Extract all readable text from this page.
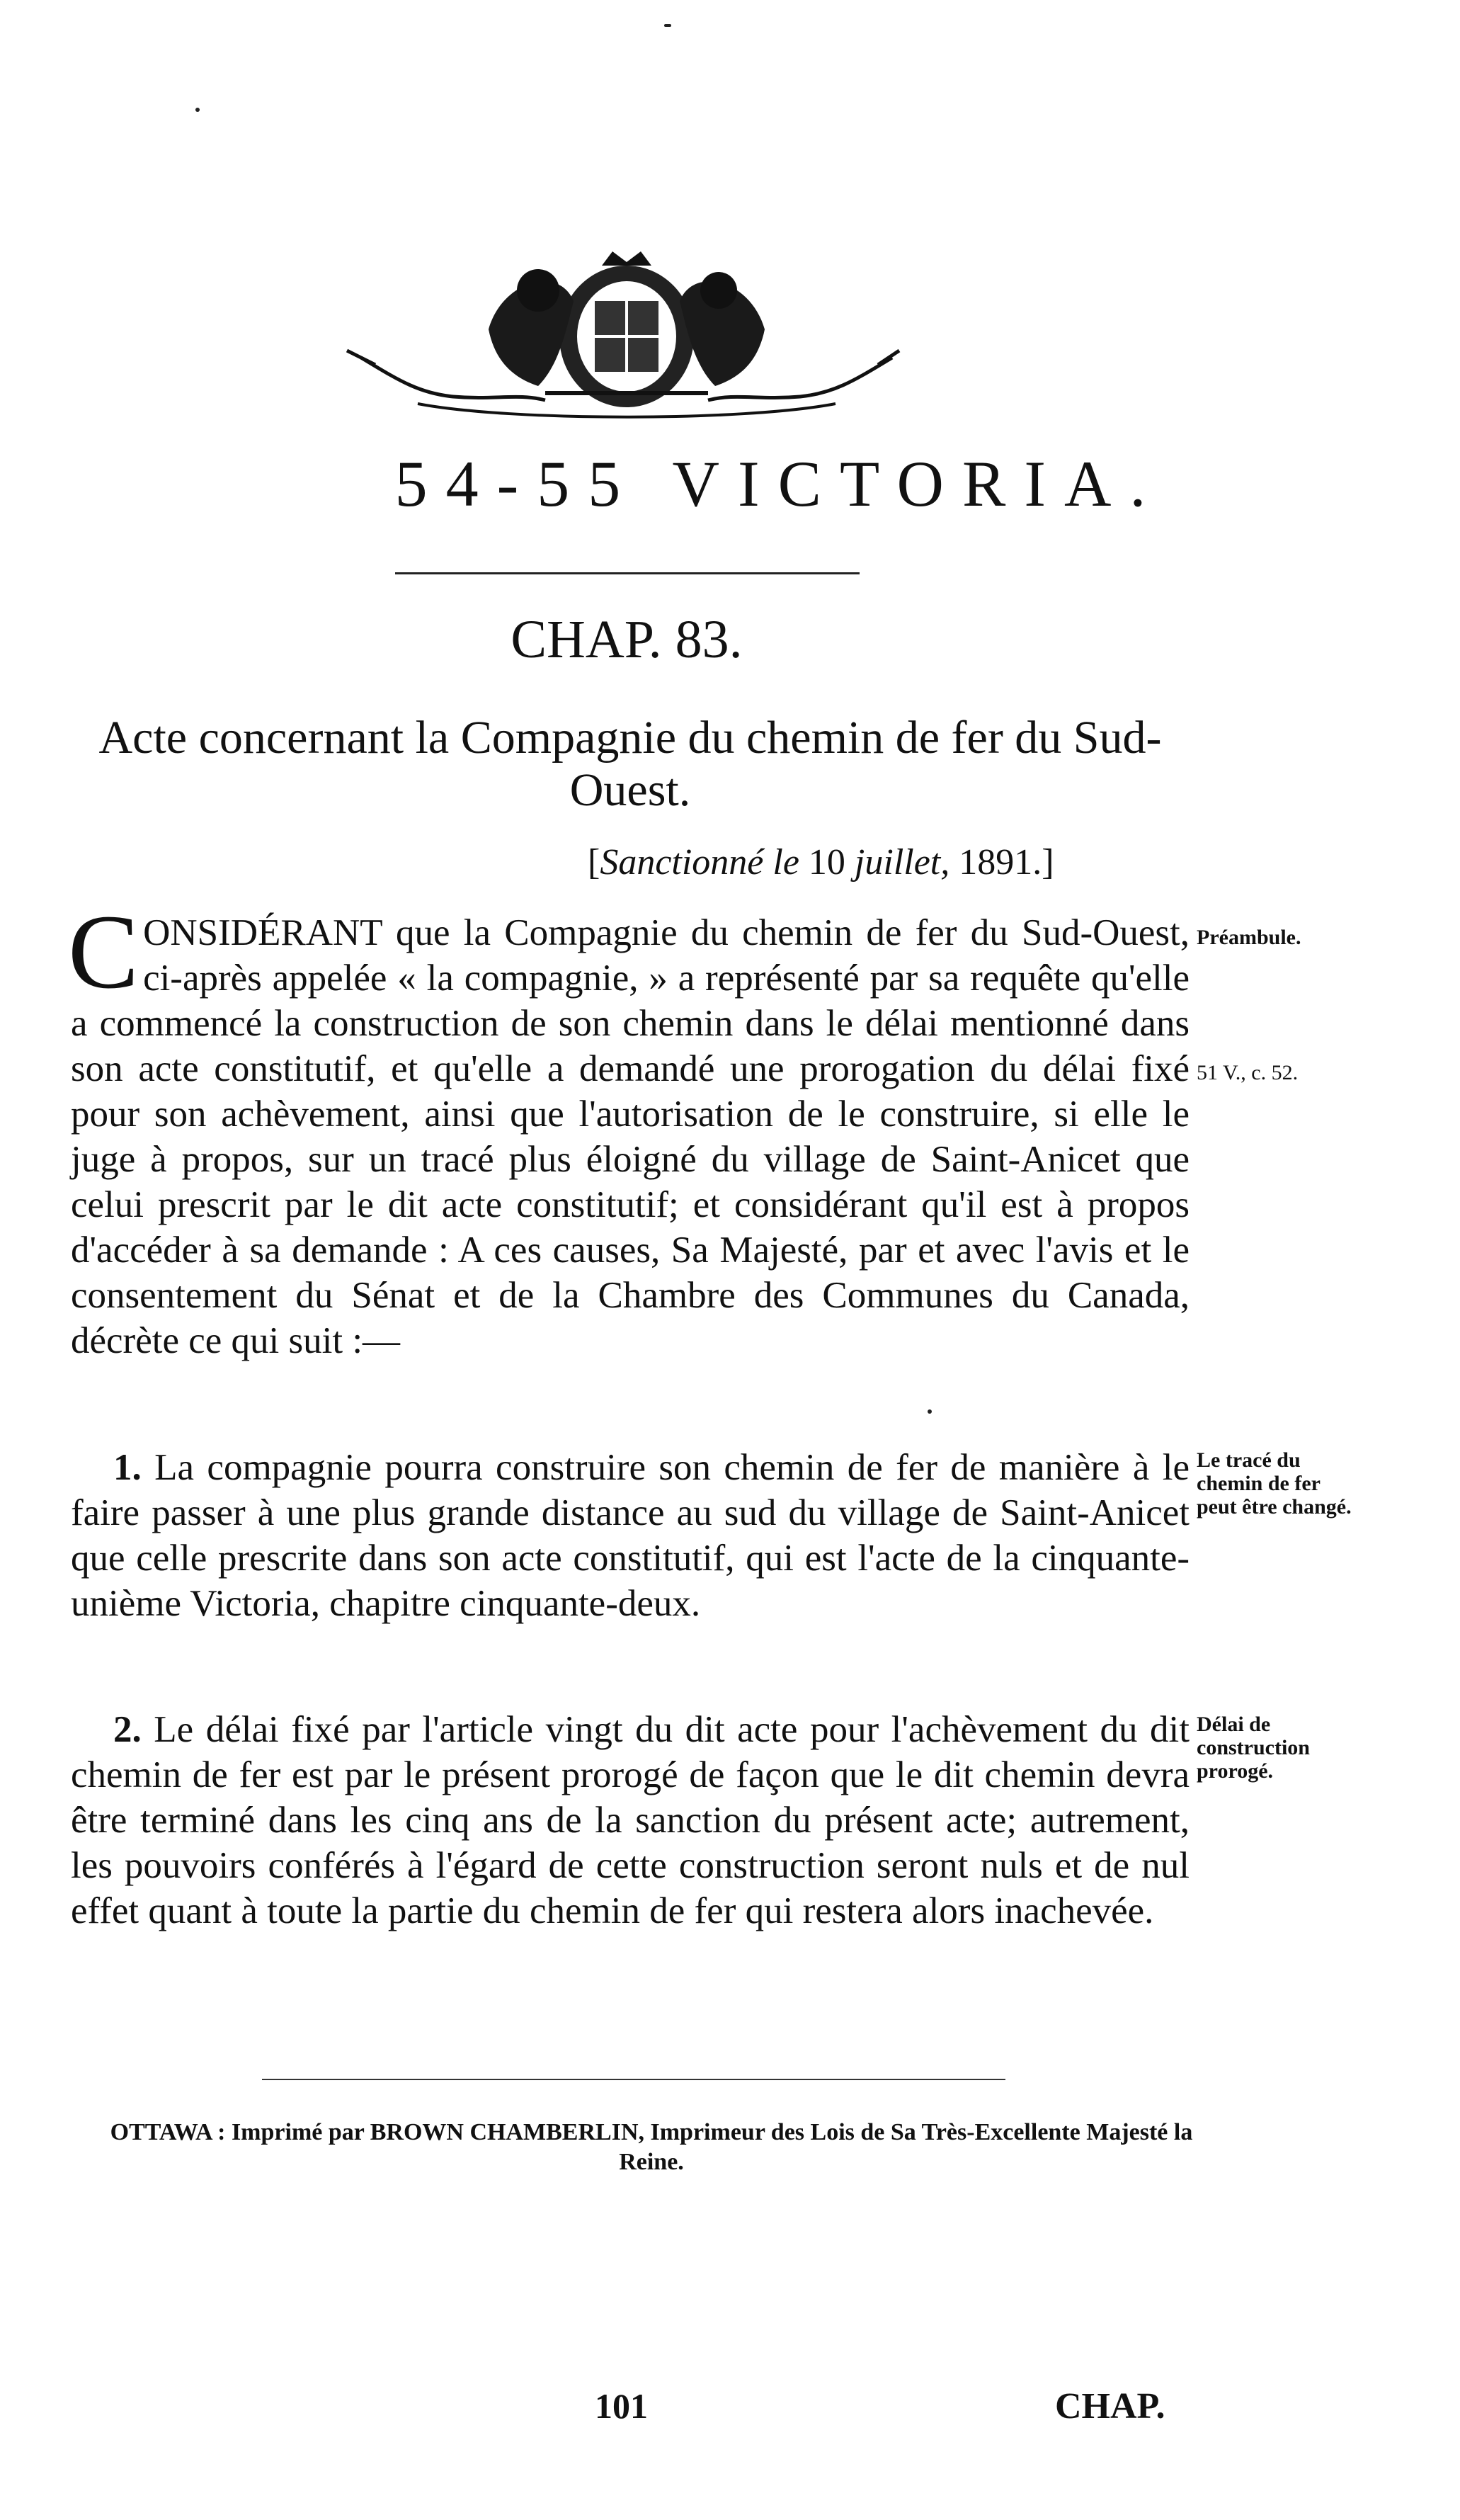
54-55 VICTORIA.
CHAP. 83.
Acte concernant la Compagnie du chemin de fer du Sud-Ouest.
[Sanctionné le 10 juillet, 1891.]
CONSIDÉRANT que la Compagnie du chemin de fer du Sud-Ouest, ci-après appelée « la compagnie, » a représenté par sa requête qu'elle a commencé la construction de son chemin dans le délai mentionné dans son acte constitutif, et qu'elle a demandé une prorogation du délai fixé pour son achèvement, ainsi que l'autorisation de le construire, si elle le juge à propos, sur un tracé plus éloigné du village de Saint-Anicet que celui prescrit par le dit acte constitutif; et considérant qu'il est à propos d'accéder à sa demande : A ces causes, Sa Majesté, par et avec l'avis et le consentement du Sénat et de la Chambre des Communes du Canada, décrète ce qui suit :—
1. La compagnie pourra construire son chemin de fer de manière à le faire passer à une plus grande distance au sud du village de Saint-Anicet que celle prescrite dans son acte constitutif, qui est l'acte de la cinquante-unième Victoria, chapitre cinquante-deux.
2. Le délai fixé par l'article vingt du dit acte pour l'achèvement du dit chemin de fer est par le présent prorogé de façon que le dit chemin devra être terminé dans les cinq ans de la sanction du présent acte; autrement, les pouvoirs conférés à l'égard de cette construction seront nuls et de nul effet quant à toute la partie du chemin de fer qui restera alors inachevée.
Préambule.
51 V., c. 52.
Le tracé du chemin de fer peut être changé.
Délai de construction prorogé.
OTTAWA : Imprimé par BROWN CHAMBERLIN, Imprimeur des Lois de Sa Très-Excellente Majesté la Reine.
101	CHAP.
